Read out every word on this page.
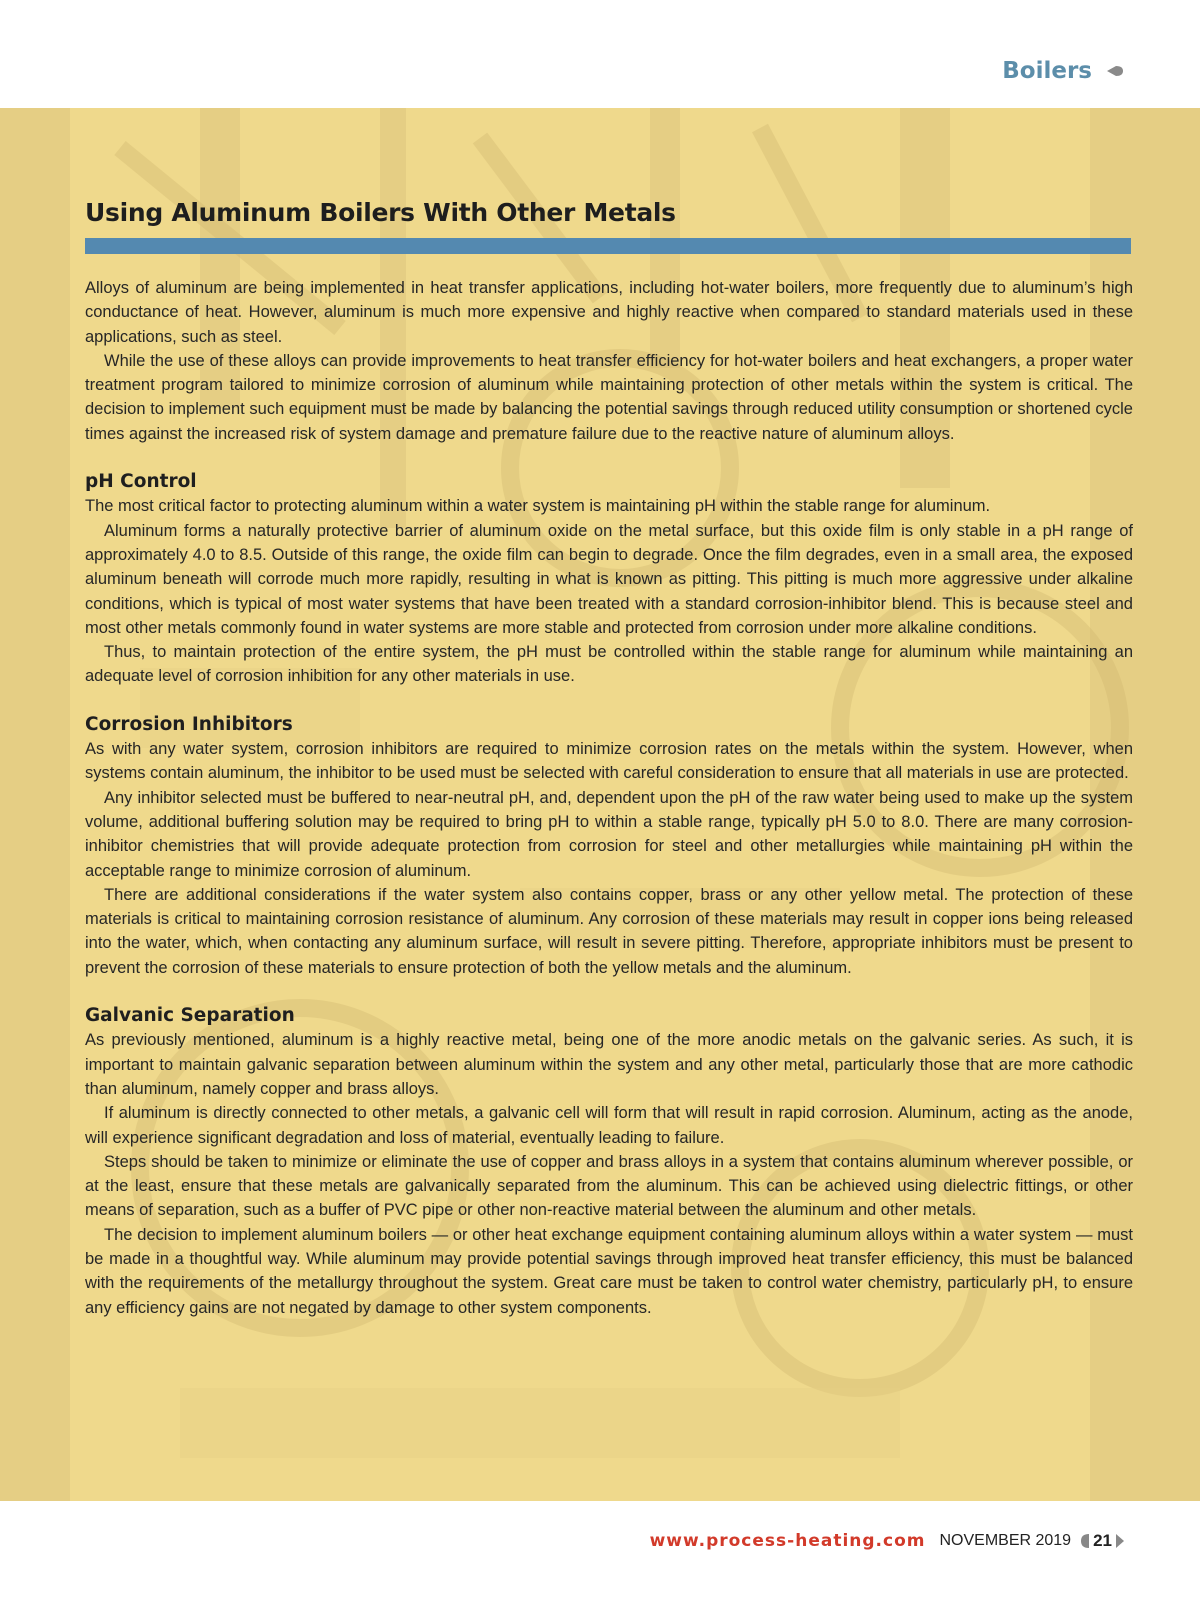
Boilers
Using Aluminum Boilers With Other Metals

Alloys of aluminum are being implemented in heat transfer applications, including hot-water boilers, more frequently due to aluminum’s high conductance of heat. However, aluminum is much more expensive and highly reactive when compared to standard materials used in these applications, such as steel.

While the use of these alloys can provide improvements to heat transfer efficiency for hot-water boilers and heat exchangers, a proper water treatment program tailored to minimize corrosion of aluminum while maintaining protection of other metals within the system is critical. The decision to implement such equipment must be made by balancing the potential savings through reduced utility consumption or shortened cycle times against the increased risk of system damage and premature failure due to the reactive nature of aluminum alloys.

pH Control

The most critical factor to protecting aluminum within a water system is maintaining pH within the stable range for aluminum.

Aluminum forms a naturally protective barrier of aluminum oxide on the metal surface, but this oxide film is only stable in a pH range of approximately 4.0 to 8.5. Outside of this range, the oxide film can begin to degrade. Once the film degrades, even in a small area, the exposed aluminum beneath will corrode much more rapidly, resulting in what is known as pitting. This pitting is much more aggressive under alkaline conditions, which is typical of most water systems that have been treated with a standard corrosion-inhibitor blend. This is because steel and most other metals commonly found in water systems are more stable and protected from corrosion under more alkaline conditions.

Thus, to maintain protection of the entire system, the pH must be controlled within the stable range for aluminum while maintaining an adequate level of corrosion inhibition for any other materials in use.

Corrosion Inhibitors

As with any water system, corrosion inhibitors are required to minimize corrosion rates on the metals within the system. However, when systems contain aluminum, the inhibitor to be used must be selected with careful consideration to ensure that all materials in use are protected.

Any inhibitor selected must be buffered to near-neutral pH, and, dependent upon the pH of the raw water being used to make up the system volume, additional buffering solution may be required to bring pH to within a stable range, typically pH 5.0 to 8.0. There are many corrosion-inhibitor chemistries that will provide adequate protection from corrosion for steel and other metallurgies while maintaining pH within the acceptable range to minimize corrosion of aluminum.

There are additional considerations if the water system also contains copper, brass or any other yellow metal. The protection of these materials is critical to maintaining corrosion resistance of aluminum. Any corrosion of these materials may result in copper ions being released into the water, which, when contacting any aluminum surface, will result in severe pitting. Therefore, appropriate inhibitors must be present to prevent the corrosion of these materials to ensure protection of both the yellow metals and the aluminum.

Galvanic Separation

As previously mentioned, aluminum is a highly reactive metal, being one of the more anodic metals on the galvanic series. As such, it is important to maintain galvanic separation between aluminum within the system and any other metal, particularly those that are more cathodic than aluminum, namely copper and brass alloys.

If aluminum is directly connected to other metals, a galvanic cell will form that will result in rapid corrosion. Aluminum, acting as the anode, will experience significant degradation and loss of material, eventually leading to failure.

Steps should be taken to minimize or eliminate the use of copper and brass alloys in a system that contains aluminum wherever possible, or at the least, ensure that these metals are galvanically separated from the aluminum. This can be achieved using dielectric fittings, or other means of separation, such as a buffer of PVC pipe or other non-reactive material between the aluminum and other metals.

The decision to implement aluminum boilers — or other heat exchange equipment containing aluminum alloys within a water system — must be made in a thoughtful way. While aluminum may provide potential savings through improved heat transfer efficiency, this must be balanced with the requirements of the metallurgy throughout the system. Great care must be taken to control water chemistry, particularly pH, to ensure any efficiency gains are not negated by damage to other system components.

www.process-heating.com NOVEMBER 2019 21
